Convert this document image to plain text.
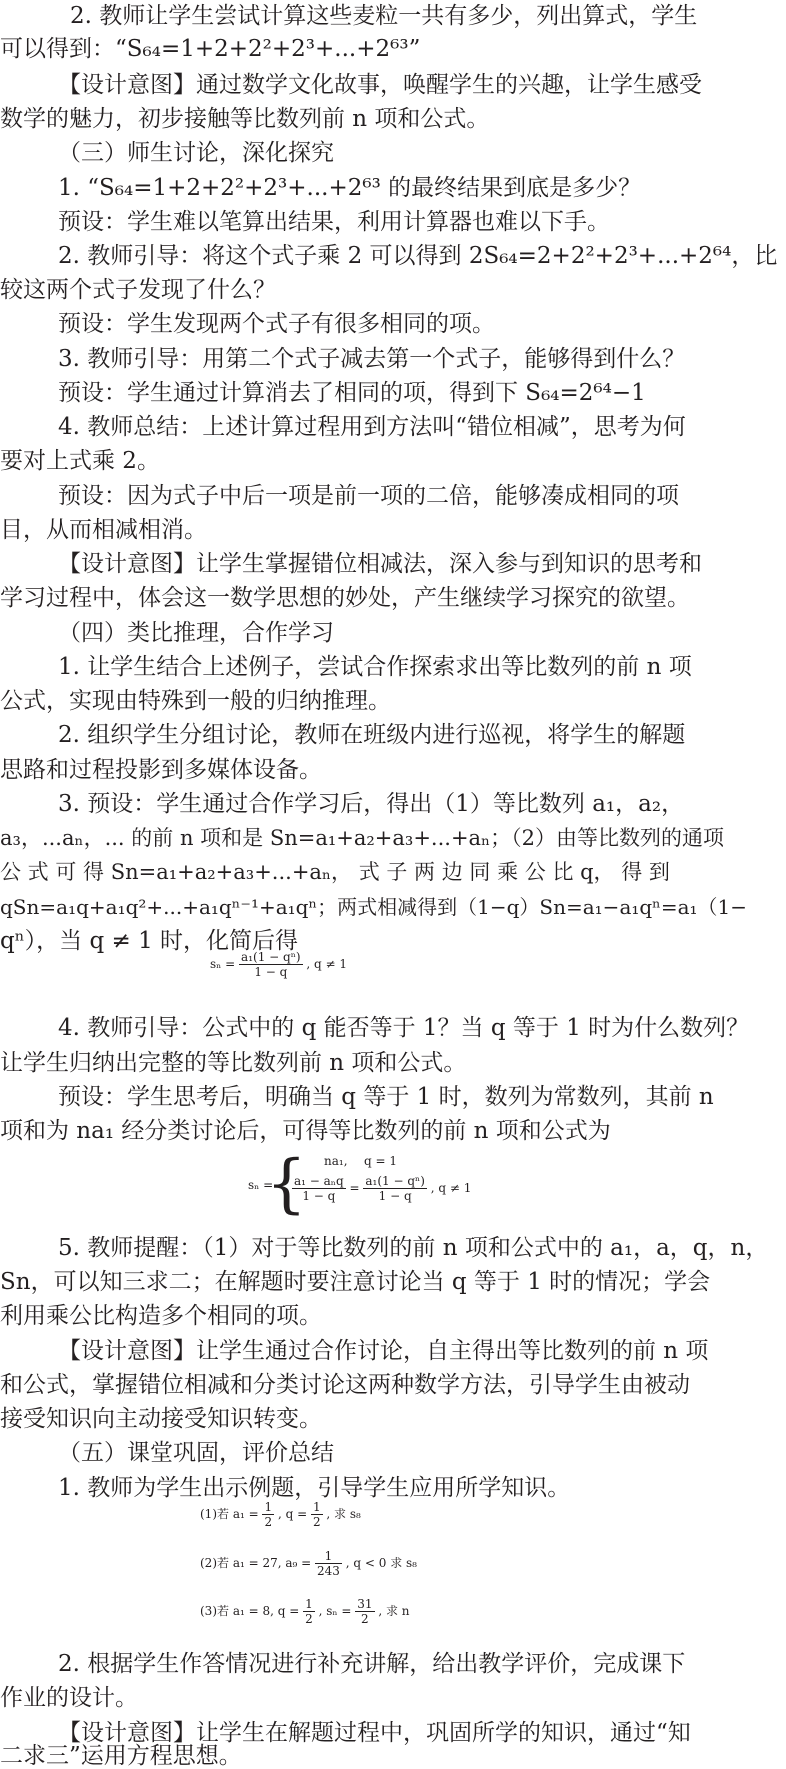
2. 教师让学生尝试计算这些麦粒一共有多少，列出算式，学生
可以得到：“S₆₄=1+2+2²+2³+...+2⁶³”
【设计意图】通过数学文化故事，唤醒学生的兴趣，让学生感受
数学的魅力，初步接触等比数列前 n 项和公式。
（三）师生讨论，深化探究
1. “S₆₄=1+2+2²+2³+...+2⁶³ 的最终结果到底是多少？
预设：学生难以笔算出结果，利用计算器也难以下手。
2. 教师引导：将这个式子乘 2 可以得到 2S₆₄=2+2²+2³+...+2⁶⁴，比
较这两个式子发现了什么？
预设：学生发现两个式子有很多相同的项。
3. 教师引导：用第二个式子减去第一个式子，能够得到什么？
预设：学生通过计算消去了相同的项，得到下 S₆₄=2⁶⁴−1
4. 教师总结：上述计算过程用到方法叫“错位相减”，思考为何
要对上式乘 2。
预设：因为式子中后一项是前一项的二倍，能够凑成相同的项
目，从而相减相消。
【设计意图】让学生掌握错位相减法，深入参与到知识的思考和
学习过程中，体会这一数学思想的妙处，产生继续学习探究的欲望。
（四）类比推理，合作学习
1. 让学生结合上述例子，尝试合作探索求出等比数列的前 n 项
公式，实现由特殊到一般的归纳推理。
2. 组织学生分组讨论，教师在班级内进行巡视，将学生的解题
思路和过程投影到多媒体设备。
3. 预设：学生通过合作学习后，得出（1）等比数列 a₁，a₂，
a₃，...aₙ，... 的前 n 项和是 Sn=a₁+a₂+a₃+...+aₙ；（2）由等比数列的通项
公 式 可 得 Sn=a₁+a₂+a₃+...+aₙ， 式 子 两 边 同 乘 公 比 q， 得 到
qSn=a₁q+a₁q²+...+a₁qⁿ⁻¹+a₁qⁿ；两式相减得到（1−q）Sn=a₁−a₁qⁿ=a₁（1−
qⁿ），当 q ≠ 1 时，化简后得
$s_n = \frac{\text{a₁(1 − qⁿ)}}{1 - q}$ , q ≠ 1
4. 教师引导：公式中的 q 能否等于 1？当 q 等于 1 时为什么数列？
让学生归纳出完整的等比数列前 n 项和公式。
预设：学生思考后，明确当 q 等于 1 时，数列为常数列，其前 n
项和为 na₁ 经分类讨论后，可得等比数列的前 n 项和公式为
sₙ =
{ na₁, q = 1
$\frac{\text{a₁ − aₙq}}{1 - q} = \frac{\text{a₁(1 − qⁿ)}}{1 - q}$ , q ≠ 1
5. 教师提醒：（1）对于等比数列的前 n 项和公式中的 a₁，a，q，n，
Sn，可以知三求二；在解题时要注意讨论当 q 等于 1 时的情况；学会
利用乘公比构造多个相同的项。
【设计意图】让学生通过合作讨论，自主得出等比数列的前 n 项
和公式，掌握错位相减和分类讨论这两种数学方法，引导学生由被动
接受知识向主动接受知识转变。
（五）课堂巩固，评价总结
1. 教师为学生出示例题，引导学生应用所学知识。
(1)若 $a_1 = \frac{1}{2}$ , $q = \frac{1}{2}$ , 求 s₈
(2)若 a₁ = 27, $a_9 = \frac{1}{243}$ , q < 0 求 s₈
(3)若 a₁ = 8, $q = \frac{1}{2}$ , $s_n = \frac{31}{2}$ , 求 n
2. 根据学生作答情况进行补充讲解，给出教学评价，完成课下
作业的设计。
【设计意图】让学生在解题过程中，巩固所学的知识，通过“知
二求三”运用方程思想。
